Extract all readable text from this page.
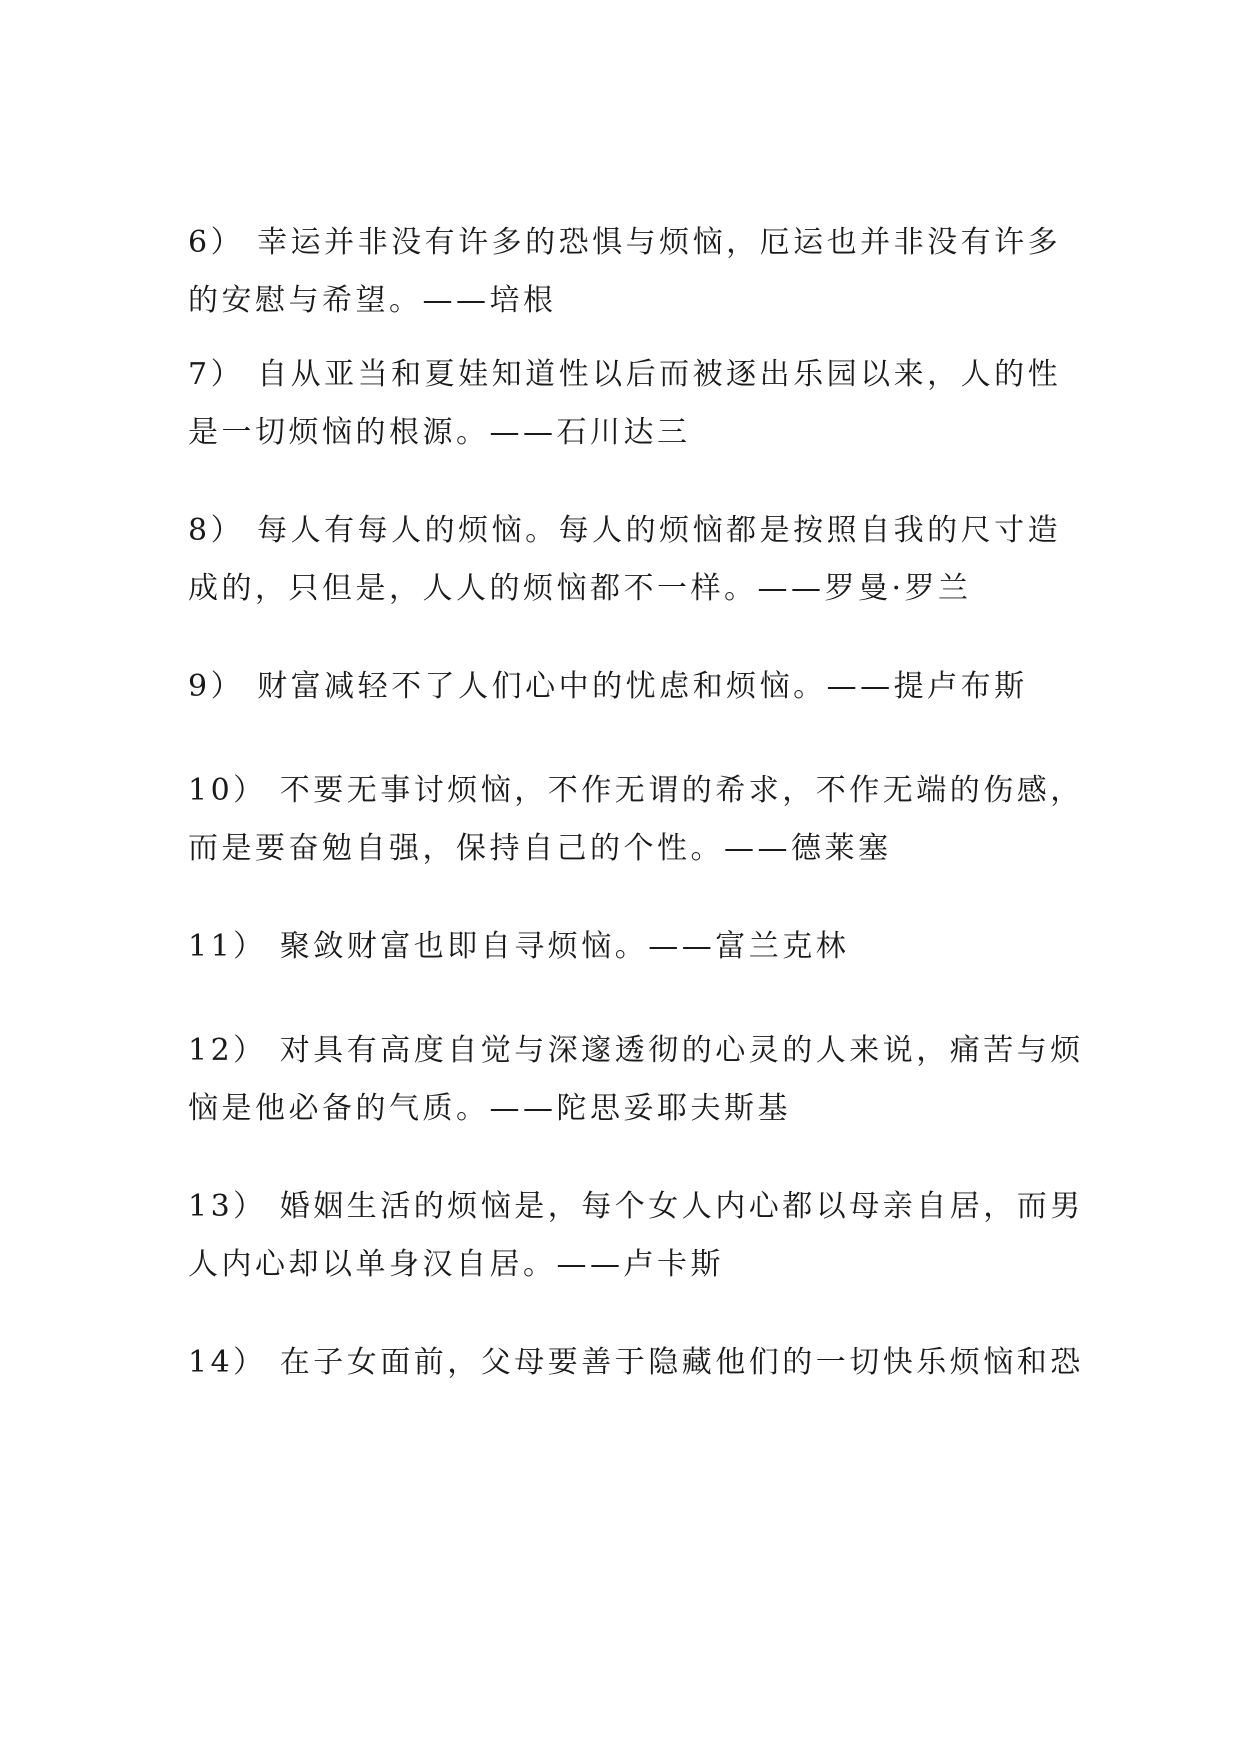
6） 幸运并非没有许多的恐惧与烦恼，厄运也并非没有许多
的安慰与希望。——培根

7） 自从亚当和夏娃知道性以后而被逐出乐园以来，人的性
是一切烦恼的根源。——石川达三

8） 每人有每人的烦恼。每人的烦恼都是按照自我的尺寸造
成的，只但是，人人的烦恼都不一样。——罗曼·罗兰

9） 财富减轻不了人们心中的忧虑和烦恼。——提卢布斯

10） 不要无事讨烦恼，不作无谓的希求，不作无端的伤感，
而是要奋勉自强，保持自己的个性。——德莱塞

11） 聚敛财富也即自寻烦恼。——富兰克林

12） 对具有高度自觉与深邃透彻的心灵的人来说，痛苦与烦
恼是他必备的气质。——陀思妥耶夫斯基

13） 婚姻生活的烦恼是，每个女人内心都以母亲自居，而男
人内心却以单身汉自居。——卢卡斯

14） 在子女面前，父母要善于隐藏他们的一切快乐烦恼和恐
